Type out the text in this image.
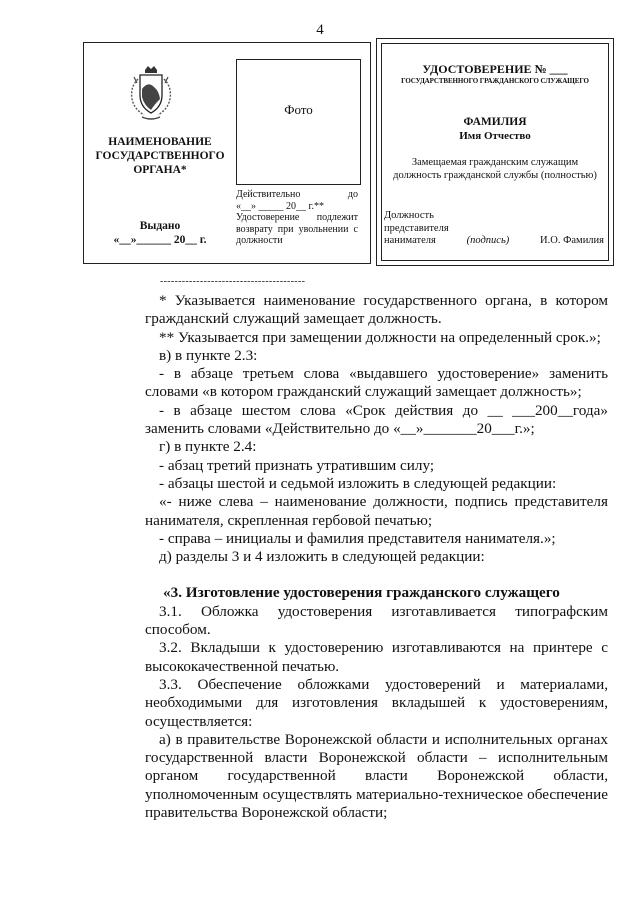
4
НАИМЕНОВАНИЕ
ГОСУДАРСТВЕННОГО
ОРГАНА*
Выдано
«__»______ 20__ г.
Фото
Действительно	до
«__» _____ 20__ г.**
Удостоверение подлежит возврату при увольнении с должности
УДОСТОВЕРЕНИЕ № ___
ГОСУДАРСТВЕННОГО ГРАЖДАНСКОГО СЛУЖАЩЕГО
ФАМИЛИЯ
Имя Отчество
Замещаемая гражданским служащим должность гражданской службы (полностью)
Должность
представителя
нанимателя	(подпись)	И.О. Фамилия
----------------------------------------

* Указывается наименование государственного органа, в котором гражданский служащий замещает должность.

** Указывается при замещении должности на определенный срок.»;

в) в пункте 2.3:

- в абзаце третьем слова «выдавшего удостоверение» заменить словами «в котором гражданский служащий замещает должность»;

- в абзаце шестом слова «Срок действия до __ ___200__года» заменить словами «Действительно до «__»_______20___г.»;

г) в пункте 2.4:

- абзац третий признать утратившим силу;

- абзацы шестой и седьмой изложить в следующей редакции:

«- ниже слева – наименование должности, подпись представителя нанимателя, скрепленная гербовой печатью;

- справа – инициалы и фамилия представителя нанимателя.»;

д) разделы 3 и 4 изложить в следующей редакции:

«3. Изготовление удостоверения гражданского служащего

3.1. Обложка удостоверения изготавливается типографским способом.

3.2. Вкладыши к удостоверению изготавливаются на принтере с высококачественной печатью.

3.3. Обеспечение обложками удостоверений и материалами, необходимыми для изготовления вкладышей к удостоверениям, осуществляется:

а) в правительстве Воронежской области и исполнительных органах государственной власти Воронежской области – исполнительным органом государственной власти Воронежской области, уполномоченным осуществлять материально-техническое обеспечение правительства Воронежской области;
